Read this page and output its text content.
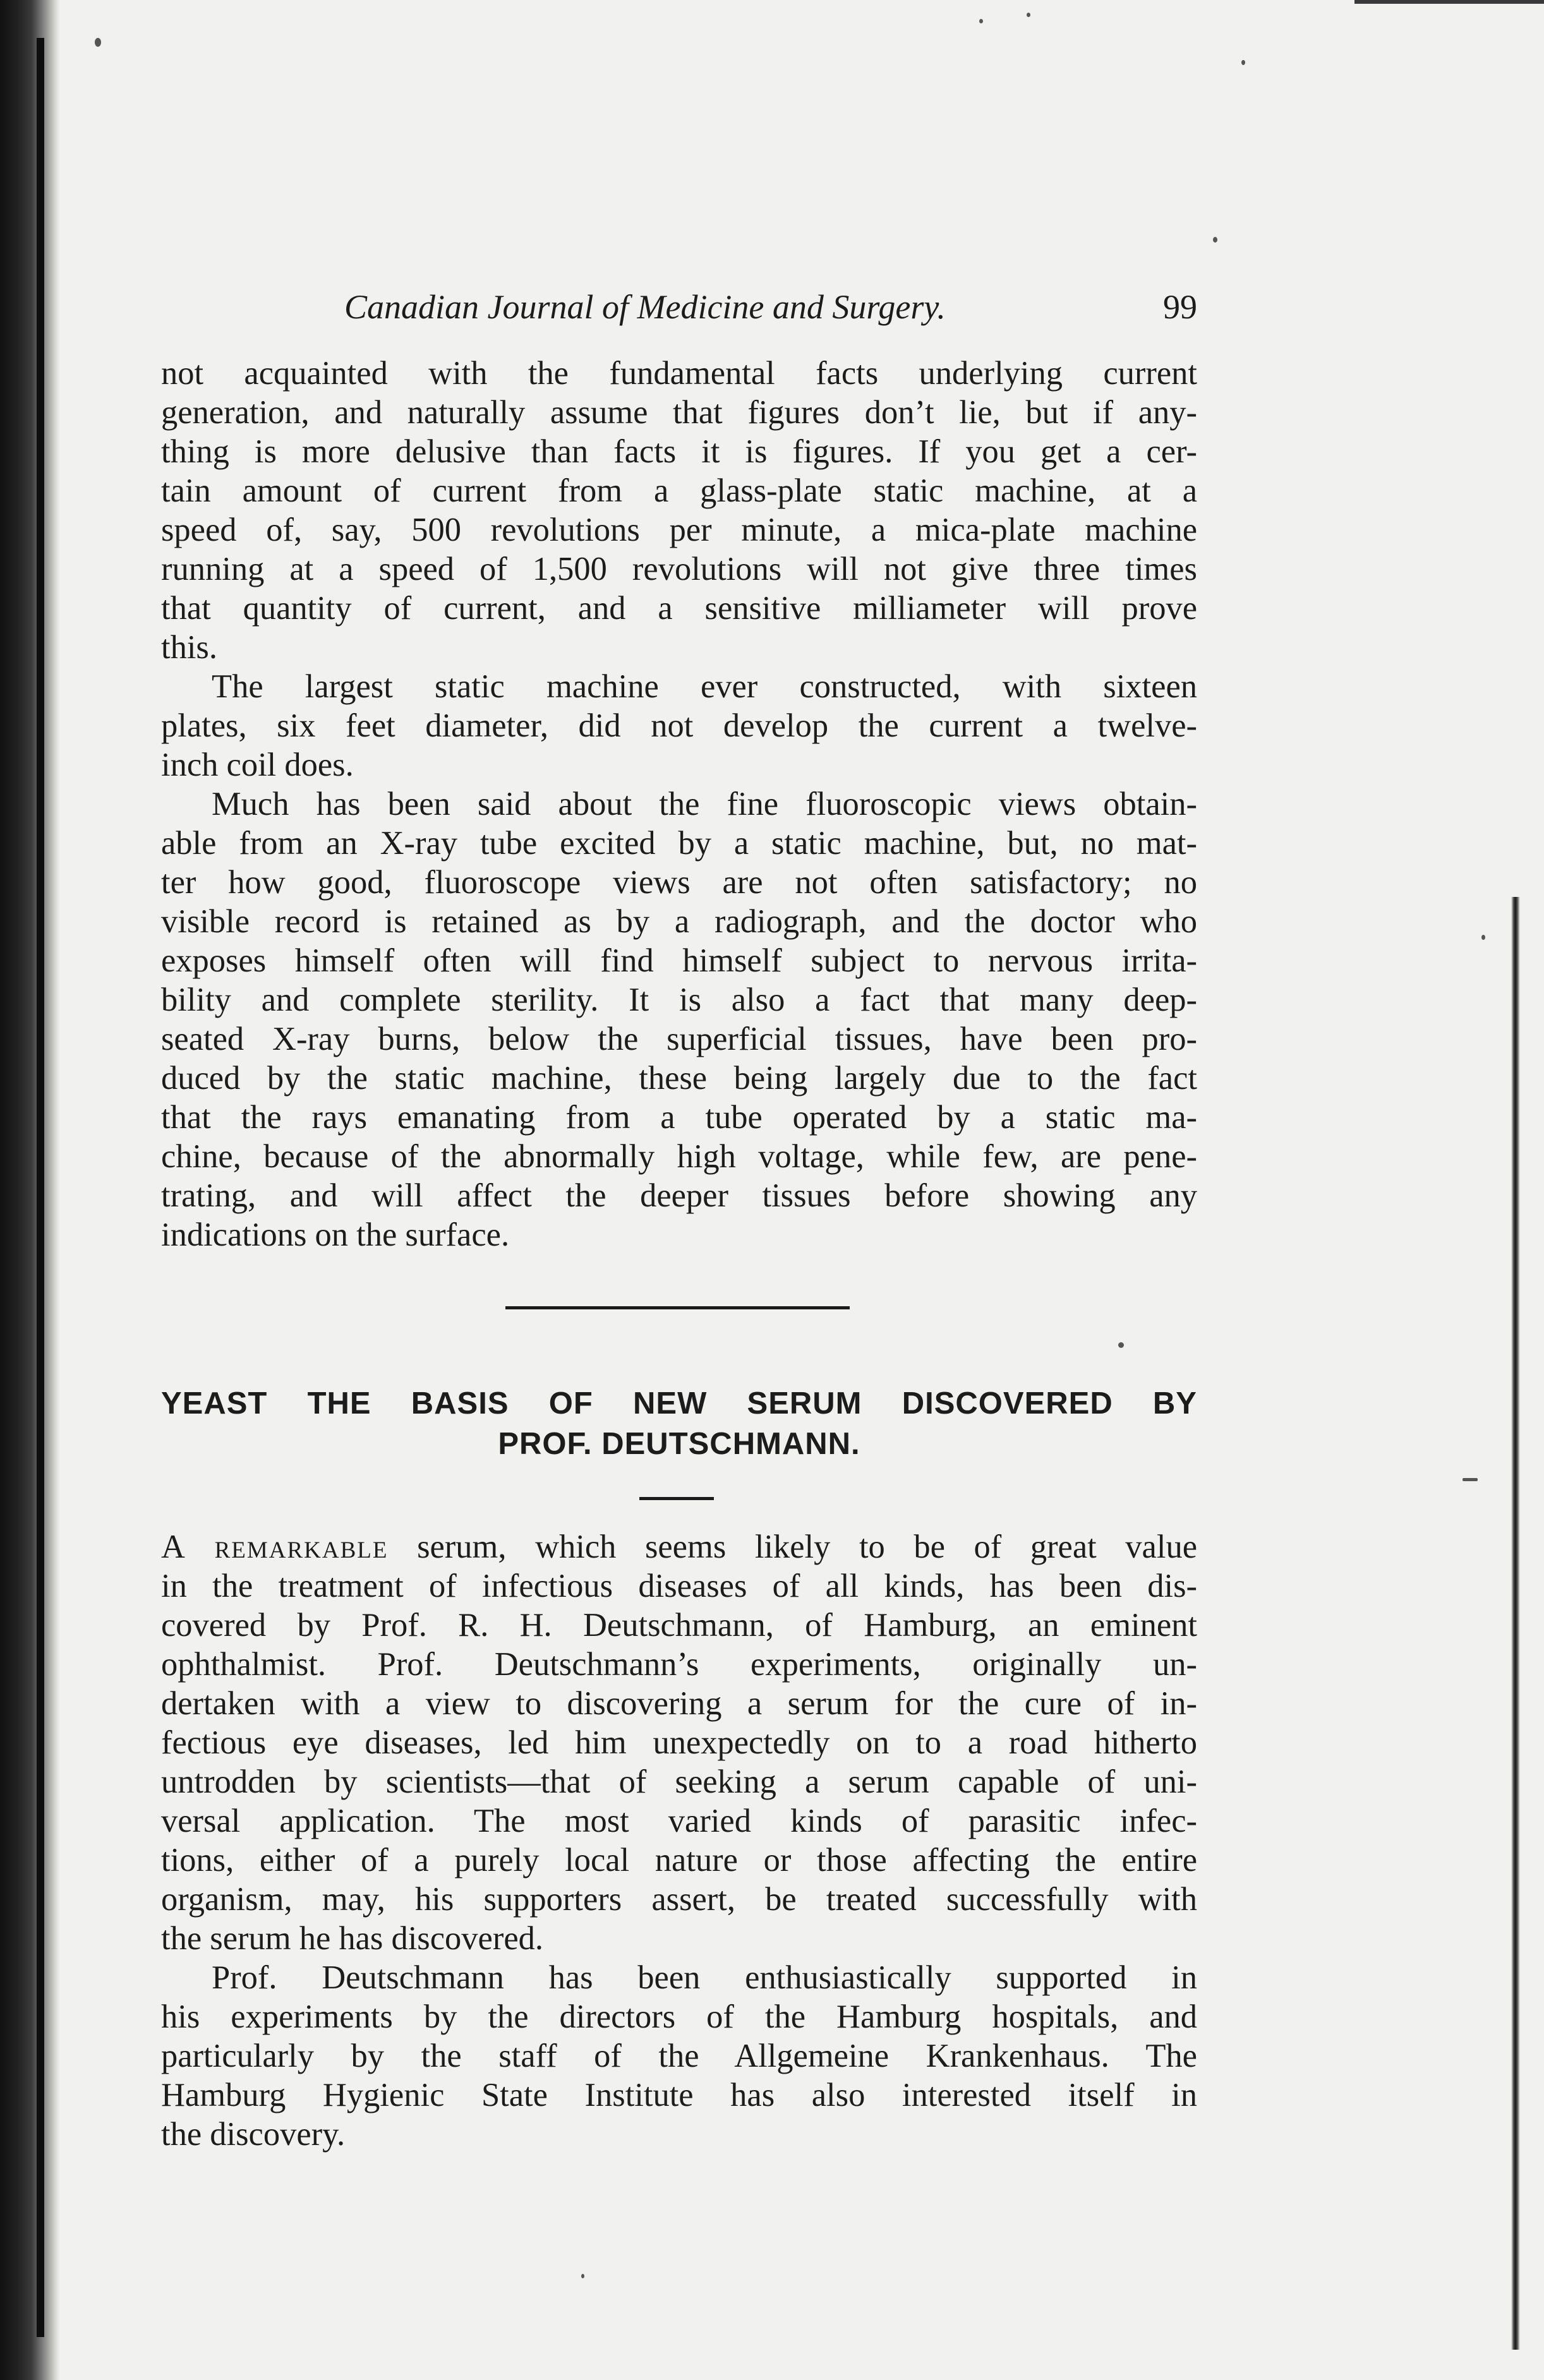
Canadian Journal of Medicine and Surgery.	99

not acquainted with the fundamental facts underlying current
generation, and naturally assume that figures don’t lie, but if any-
thing is more delusive than facts it is figures. If you get a cer-
tain amount of current from a glass-plate static machine, at a
speed of, say, 500 revolutions per minute, a mica-plate machine
running at a speed of 1,500 revolutions will not give three times
that quantity of current, and a sensitive milliameter will prove
this.

The largest static machine ever constructed, with sixteen
plates, six feet diameter, did not develop the current a twelve-
inch coil does.

Much has been said about the fine fluoroscopic views obtain-
able from an X-ray tube excited by a static machine, but, no mat-
ter how good, fluoroscope views are not often satisfactory; no
visible record is retained as by a radiograph, and the doctor who
exposes himself often will find himself subject to nervous irrita-
bility and complete sterility. It is also a fact that many deep-
seated X-ray burns, below the superficial tissues, have been pro-
duced by the static machine, these being largely due to the fact
that the rays emanating from a tube operated by a static ma-
chine, because of the abnormally high voltage, while few, are pene-
trating, and will affect the deeper tissues before showing any
indications on the surface.

YEAST THE BASIS OF NEW SERUM DISCOVERED BY
PROF. DEUTSCHMANN.

A remarkable serum, which seems likely to be of great value
in the treatment of infectious diseases of all kinds, has been dis-
covered by Prof. R. H. Deutschmann, of Hamburg, an eminent
ophthalmist. Prof. Deutschmann’s experiments, originally un-
dertaken with a view to discovering a serum for the cure of in-
fectious eye diseases, led him unexpectedly on to a road hitherto
untrodden by scientists—that of seeking a serum capable of uni-
versal application. The most varied kinds of parasitic infec-
tions, either of a purely local nature or those affecting the entire
organism, may, his supporters assert, be treated successfully with
the serum he has discovered.

Prof. Deutschmann has been enthusiastically supported in
his experiments by the directors of the Hamburg hospitals, and
particularly by the staff of the Allgemeine Krankenhaus. The
Hamburg Hygienic State Institute has also interested itself in
the discovery.
